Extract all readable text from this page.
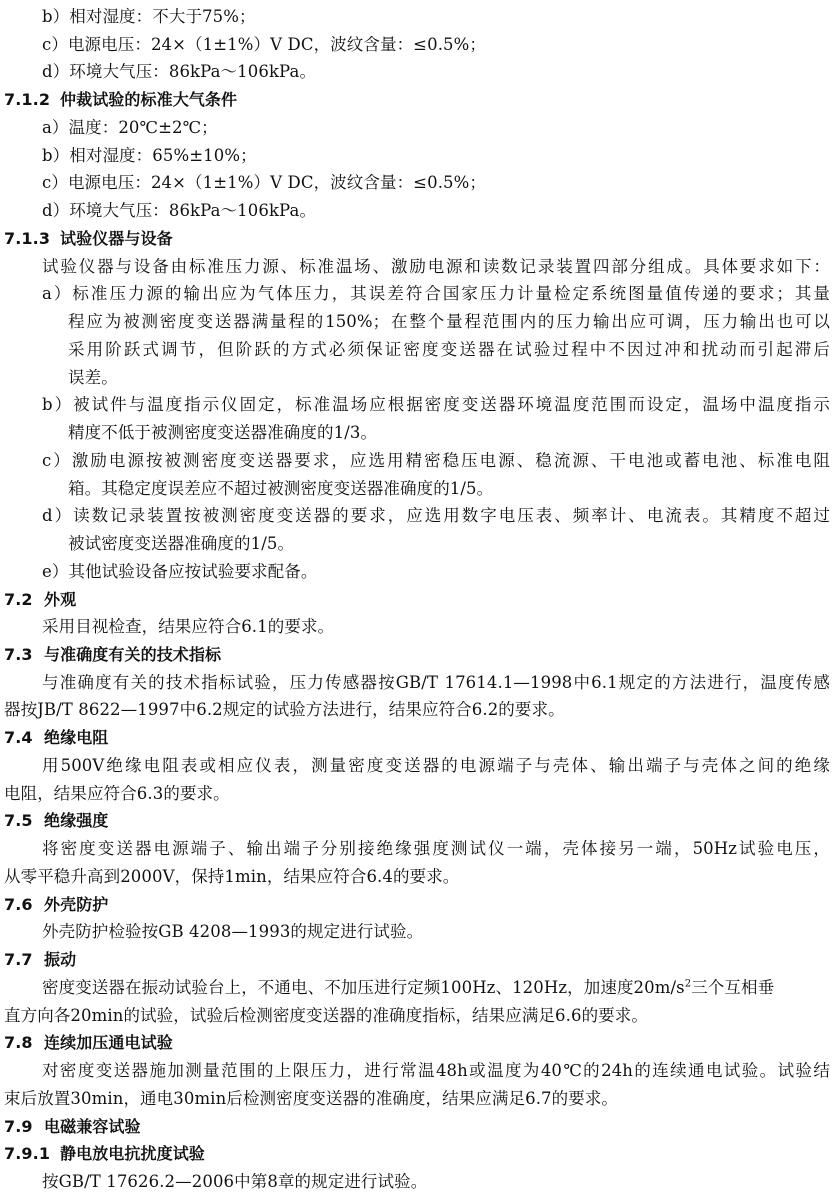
b）相对湿度：不大于75%；
c）电源电压：24×（1±1%）V DC，波纹含量：≤0.5%；
d）环境大气压：86kPa～106kPa。
7.1.2 仲裁试验的标准大气条件
a）温度：20℃±2℃；
b）相对湿度：65%±10%；
c）电源电压：24×（1±1%）V DC，波纹含量：≤0.5%；
d）环境大气压：86kPa～106kPa。
7.1.3 试验仪器与设备
试验仪器与设备由标准压力源、标准温场、激励电源和读数记录装置四部分组成。具体要求如下：
a）标准压力源的输出应为气体压力，其误差符合国家压力计量检定系统图量值传递的要求；其量
程应为被测密度变送器满量程的150%；在整个量程范围内的压力输出应可调，压力输出也可以
采用阶跃式调节，但阶跃的方式必须保证密度变送器在试验过程中不因过冲和扰动而引起滞后
误差。
b）被试件与温度指示仪固定，标准温场应根据密度变送器环境温度范围而设定，温场中温度指示
精度不低于被测密度变送器准确度的1/3。
c）激励电源按被测密度变送器要求，应选用精密稳压电源、稳流源、干电池或蓄电池、标准电阻
箱。其稳定度误差应不超过被测密度变送器准确度的1/5。
d）读数记录装置按被测密度变送器的要求，应选用数字电压表、频率计、电流表。其精度不超过
被试密度变送器准确度的1/5。
e）其他试验设备应按试验要求配备。
7.2 外观
采用目视检查，结果应符合6.1的要求。
7.3 与准确度有关的技术指标
与准确度有关的技术指标试验，压力传感器按GB/T 17614.1—1998中6.1规定的方法进行，温度传感
器按JB/T 8622—1997中6.2规定的试验方法进行，结果应符合6.2的要求。
7.4 绝缘电阻
用500V绝缘电阻表或相应仪表，测量密度变送器的电源端子与壳体、输出端子与壳体之间的绝缘
电阻，结果应符合6.3的要求。
7.5 绝缘强度
将密度变送器电源端子、输出端子分别接绝缘强度测试仪一端，壳体接另一端，50Hz试验电压，
从零平稳升高到2000V，保持1min，结果应符合6.4的要求。
7.6 外壳防护
外壳防护检验按GB 4208—1993的规定进行试验。
7.7 振动
密度变送器在振动试验台上，不通电、不加压进行定频100Hz、120Hz，加速度$20m/s^2$三个互相垂
直方向各20min的试验，试验后检测密度变送器的准确度指标，结果应满足6.6的要求。
7.8 连续加压通电试验
对密度变送器施加测量范围的上限压力，进行常温48h或温度为40℃的24h的连续通电试验。试验结
束后放置30min，通电30min后检测密度变送器的准确度，结果应满足6.7的要求。
7.9 电磁兼容试验
7.9.1 静电放电抗扰度试验
按GB/T 17626.2—2006中第8章的规定进行试验。
